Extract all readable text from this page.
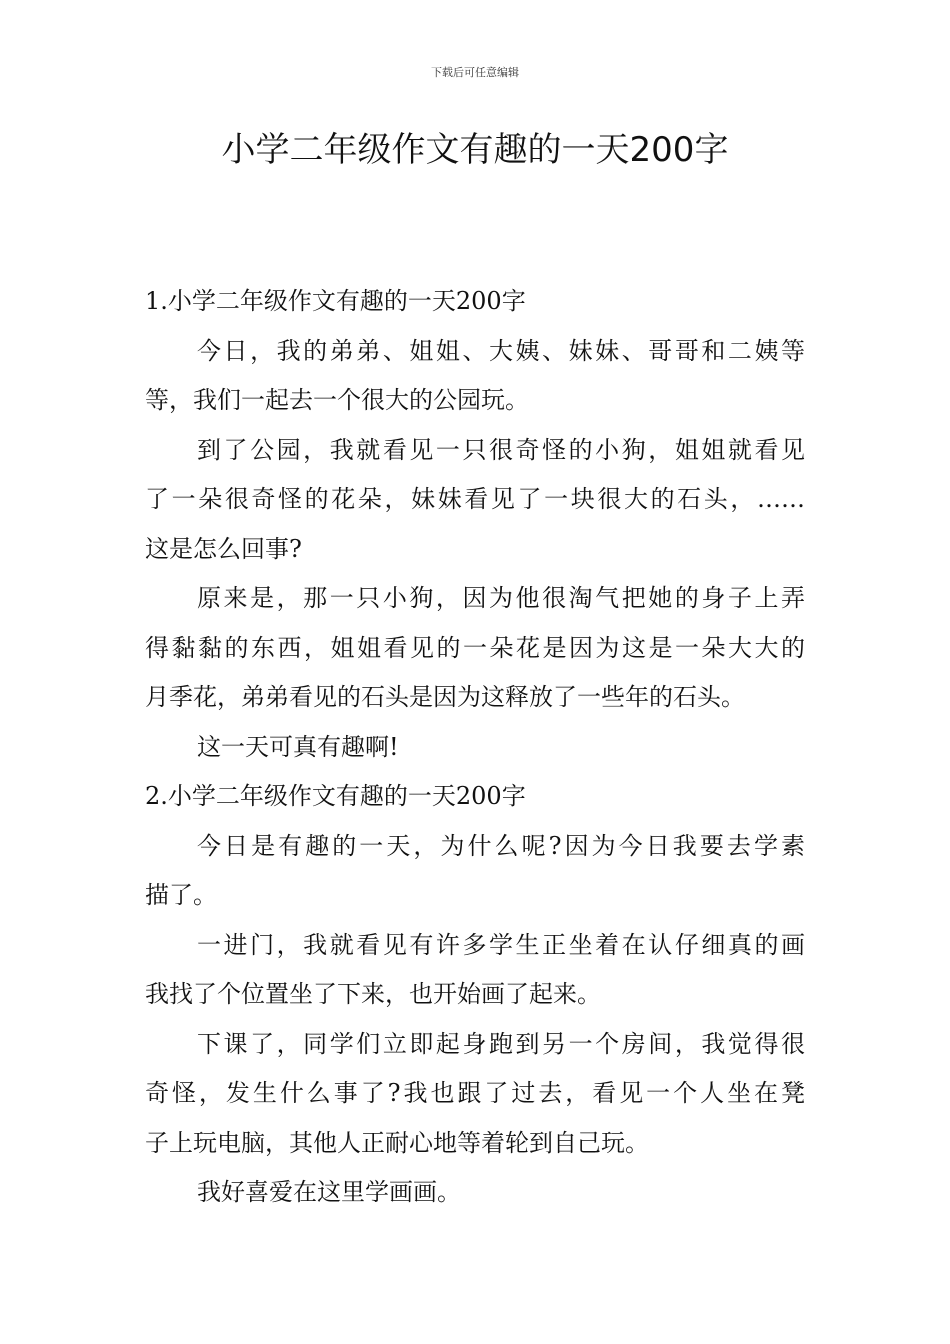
下载后可任意编辑
小学二年级作文有趣的一天200字
1.小学二年级作文有趣的一天200字
今日，我的弟弟、姐姐、大姨、妹妹、哥哥和二姨等
等，我们一起去一个很大的公园玩。
到了公园，我就看见一只很奇怪的小狗，姐姐就看见
了一朵很奇怪的花朵，妹妹看见了一块很大的石头，……
这是怎么回事?
原来是，那一只小狗，因为他很淘气把她的身子上弄
得黏黏的东西，姐姐看见的一朵花是因为这是一朵大大的
月季花，弟弟看见的石头是因为这释放了一些年的石头。
这一天可真有趣啊!
2.小学二年级作文有趣的一天200字
今日是有趣的一天，为什么呢?因为今日我要去学素
描了。
一进门，我就看见有许多学生正坐着在认仔细真的画
我找了个位置坐了下来，也开始画了起来。
下课了，同学们立即起身跑到另一个房间，我觉得很
奇怪，发生什么事了?我也跟了过去，看见一个人坐在凳
子上玩电脑，其他人正耐心地等着轮到自己玩。
我好喜爱在这里学画画。
